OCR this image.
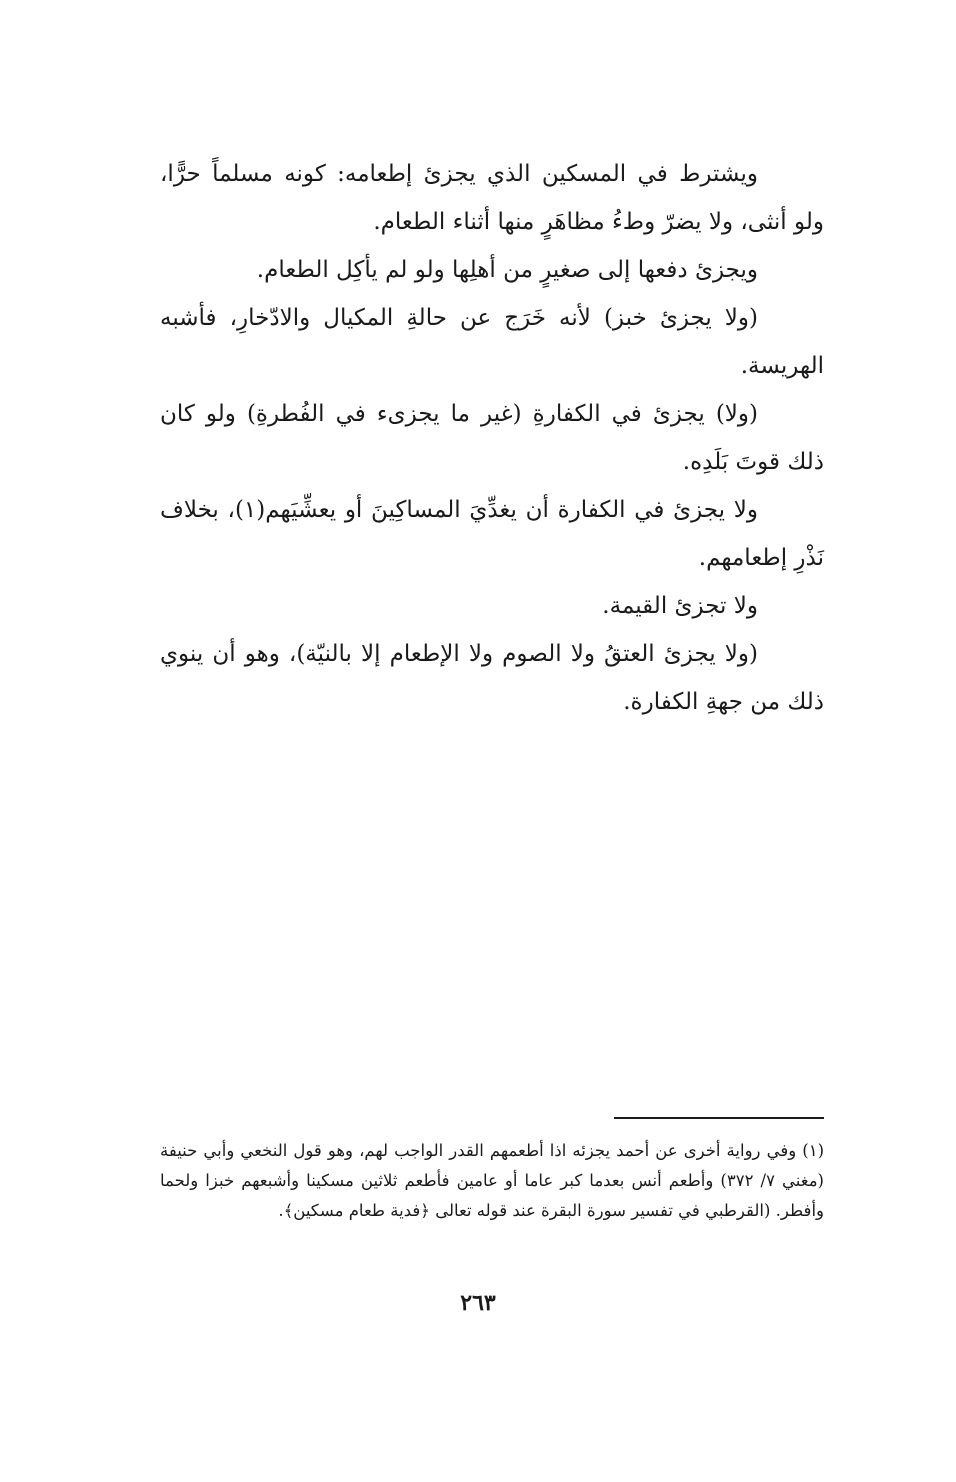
ويشترط في المسكين الذي يجزئ إطعامه: كونه مسلماً حرًّا، ولو أنثى، ولا يضرّ وطءُ مظاهَرٍ منها أثناء الطعام.

ويجزئ دفعها إلى صغيرٍ من أهلِها ولو لم يأكِل الطعام.

(ولا يجزئ خبز) لأنه خَرَج عن حالةِ المكيال والادّخارِ، فأشبه الهريسة.

(ولا) يجزئ في الكفارةِ (غير ما يجزىء في الفُطرةِ) ولو كان ذلك قوتَ بَلَدِه.

ولا يجزئ في الكفارة أن يغدِّيَ المساكِينَ أو يعشِّيَهم(١)، بخلاف نَذْرِ إطعامهم.

ولا تجزئ القيمة.

(ولا يجزئ العتقُ ولا الصوم ولا الإطعام إلا بالنيّة)، وهو أن ينوي ذلك من جهةِ الكفارة.

(١) وفي رواية أخرى عن أحمد يجزئه اذا أطعمهم القدر الواجب لهم، وهو قول النخعي وأبي حنيفة (مغني ٧/ ٣٧٢) وأطعم أنس بعدما كبر عاما أو عامين فأطعم ثلاثين مسكينا وأشبعهم خبزا ولحما وأفطر. (القرطبي في تفسير سورة البقرة عند قوله تعالى ﴿فدية طعام مسكين﴾.

٢٦٣
